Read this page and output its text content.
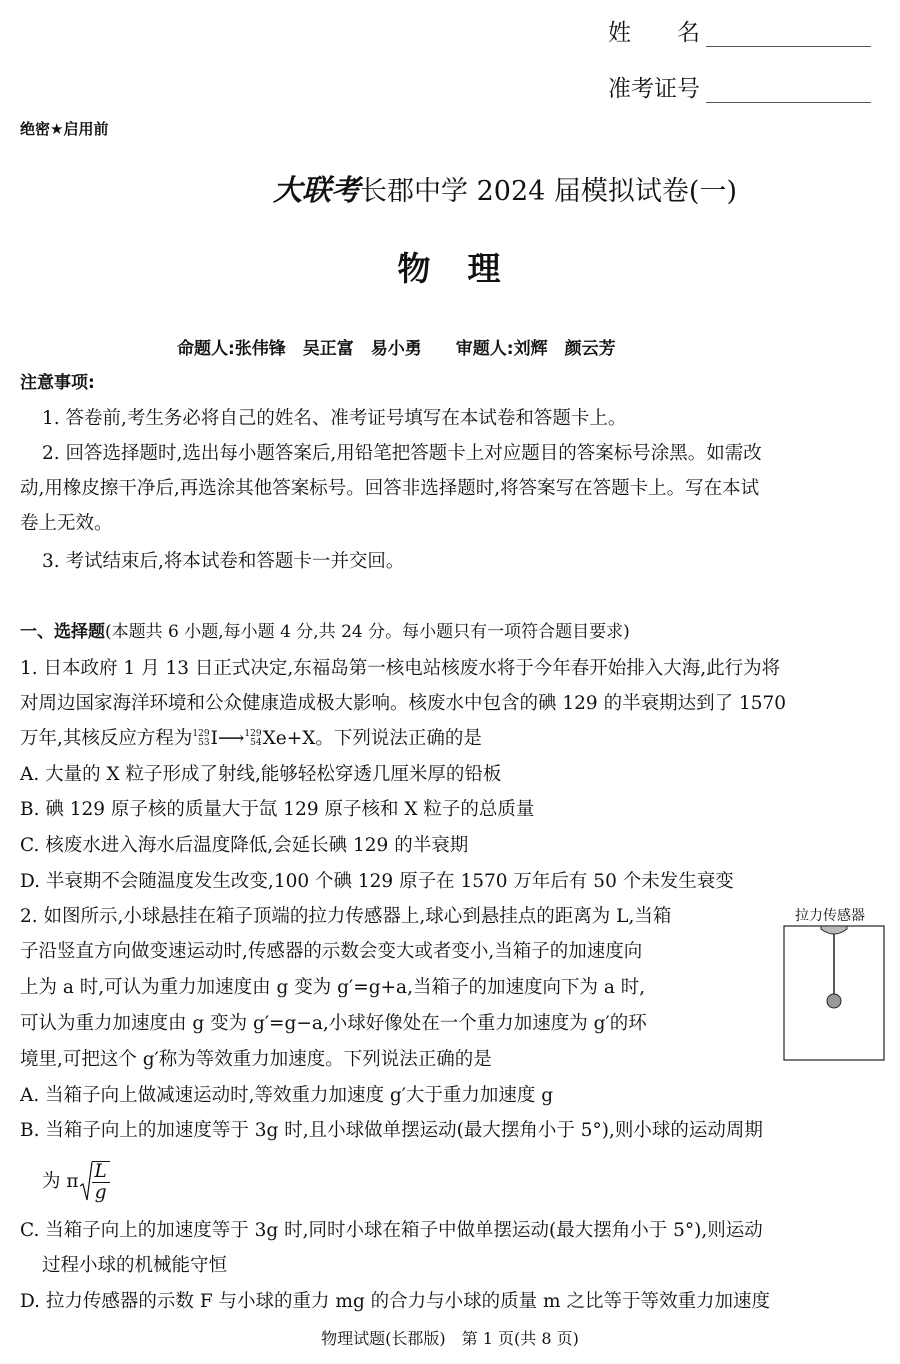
姓　　名
准考证号
绝密★启用前
大联考长郡中学 2024 届模拟试卷(一)
物　理
命题人:张伟锋　吴正富　易小勇　　审题人:刘辉　颜云芳
注意事项:
1. 答卷前,考生务必将自己的姓名、准考证号填写在本试卷和答题卡上。
2. 回答选择题时,选出每小题答案后,用铅笔把答题卡上对应题目的答案标号涂黑。如需改
动,用橡皮擦干净后,再选涂其他答案标号。回答非选择题时,将答案写在答题卡上。写在本试
卷上无效。
3. 考试结束后,将本试卷和答题卡一并交回。
一、选择题(本题共 6 小题,每小题 4 分,共 24 分。每小题只有一项符合题目要求)
1. 日本政府 1 月 13 日正式决定,东福岛第一核电站核废水将于今年春开始排入大海,此行为将
对周边国家海洋环境和公众健康造成极大影响。核废水中包含的碘 129 的半衰期达到了 1570
万年,其核反应方程为 129
53 I⟶ 129
54 Xe+X。下列说法正确的是
A. 大量的 X 粒子形成了射线,能够轻松穿透几厘米厚的铅板
B. 碘 129 原子核的质量大于氙 129 原子核和 X 粒子的总质量
C. 核废水进入海水后温度降低,会延长碘 129 的半衰期
D. 半衰期不会随温度发生改变,100 个碘 129 原子在 1570 万年后有 50 个未发生衰变
2. 如图所示,小球悬挂在箱子顶端的拉力传感器上,球心到悬挂点的距离为 L,当箱
子沿竖直方向做变速运动时,传感器的示数会变大或者变小,当箱子的加速度向
上为 a 时,可认为重力加速度由 g 变为 g′=g+a,当箱子的加速度向下为 a 时,
可认为重力加速度由 g 变为 g′=g−a,小球好像处在一个重力加速度为 g′的环
境里,可把这个 g′称为等效重力加速度。下列说法正确的是
拉力传感器
A. 当箱子向上做减速运动时,等效重力加速度 g′大于重力加速度 g
B. 当箱子向上的加速度等于 3g 时,且小球做单摆运动(最大摆角小于 5°),则小球的运动周期
为 π $\frac{L}{g}$
C. 当箱子向上的加速度等于 3g 时,同时小球在箱子中做单摆运动(最大摆角小于 5°),则运动
过程小球的机械能守恒
D. 拉力传感器的示数 F 与小球的重力 mg 的合力与小球的质量 m 之比等于等效重力加速度
物理试题(长郡版)　第 1 页(共 8 页)
